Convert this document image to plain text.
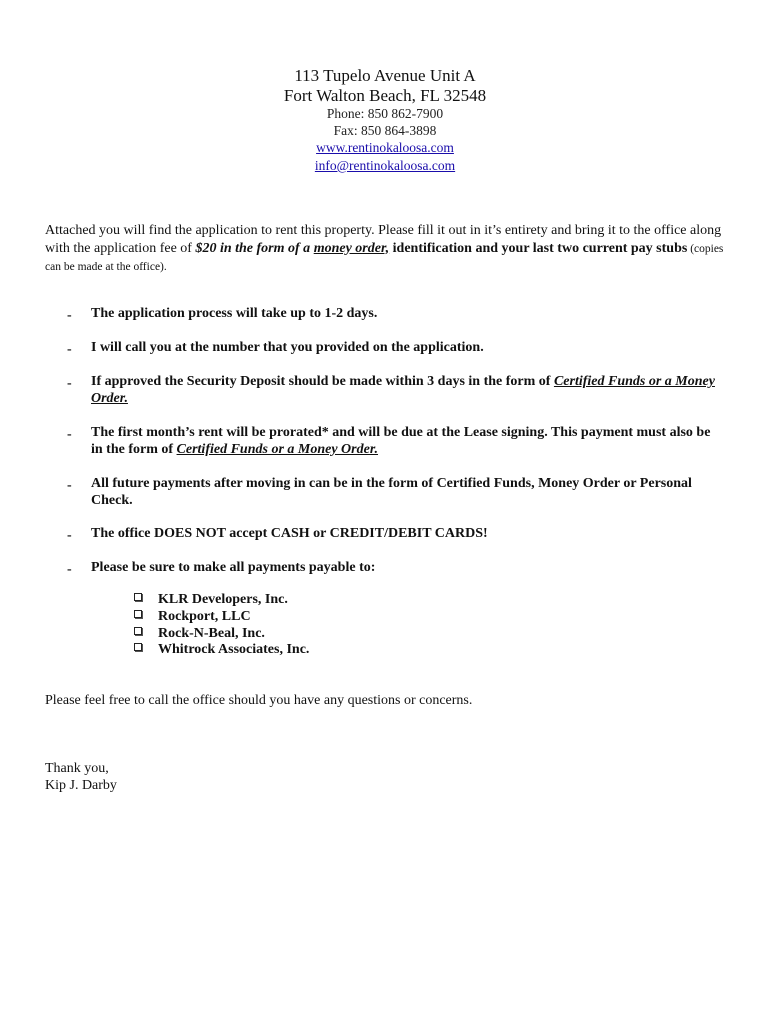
113 Tupelo Avenue Unit A
Fort Walton Beach, FL 32548
Phone: 850 862-7900
Fax: 850 864-3898
www.rentinokaloosa.com
info@rentinokaloosa.com
Attached you will find the application to rent this property. Please fill it out in it’s entirety and bring it to the office along with the application fee of $20 in the form of a money order, identification and your last two current pay stubs (copies can be made at the office).
- The application process will take up to 1-2 days.
- I will call you at the number that you provided on the application.
- If approved the Security Deposit should be made within 3 days in the form of Certified Funds or a Money Order.
- The first month’s rent will be prorated* and will be due at the Lease signing. This payment must also be in the form of Certified Funds or a Money Order.
- All future payments after moving in can be in the form of Certified Funds, Money Order or Personal Check.
- The office DOES NOT accept CASH or CREDIT/DEBIT CARDS!
- Please be sure to make all payments payable to:
KLR Developers, Inc.
Rockport, LLC
Rock-N-Beal, Inc.
Whitrock Associates, Inc.
Please feel free to call the office should you have any questions or concerns.
Thank you,
Kip J. Darby
